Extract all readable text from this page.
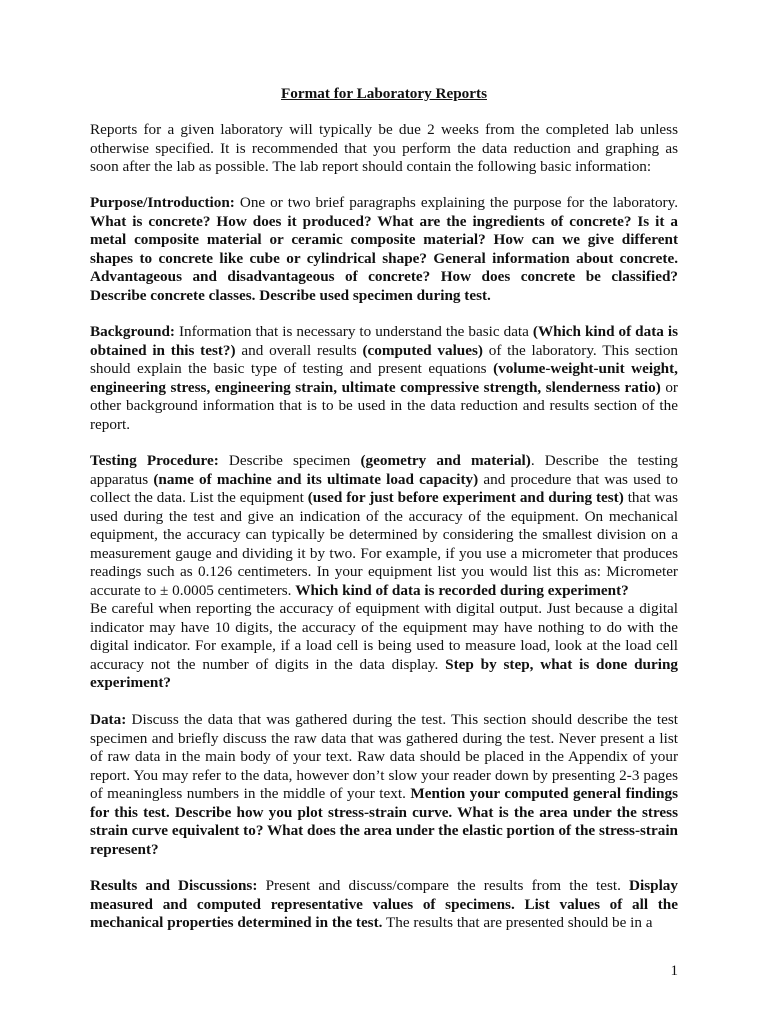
Format for Laboratory Reports

Reports for a given laboratory will typically be due 2 weeks from the completed lab unless otherwise specified. It is recommended that you perform the data reduction and graphing as soon after the lab as possible. The lab report should contain the following basic information:

Purpose/Introduction: One or two brief paragraphs explaining the purpose for the laboratory. What is concrete? How does it produced? What are the ingredients of concrete? Is it a metal composite material or ceramic composite material? How can we give different shapes to concrete like cube or cylindrical shape? General information about concrete. Advantageous and disadvantageous of concrete? How does concrete be classified? Describe concrete classes. Describe used specimen during test.

Background: Information that is necessary to understand the basic data (Which kind of data is obtained in this test?) and overall results (computed values) of the laboratory. This section should explain the basic type of testing and present equations (volume-weight-unit weight, engineering stress, engineering strain, ultimate compressive strength, slenderness ratio) or other background information that is to be used in the data reduction and results section of the report.

Testing Procedure: Describe specimen (geometry and material). Describe the testing apparatus (name of machine and its ultimate load capacity) and procedure that was used to collect the data. List the equipment (used for just before experiment and during test) that was used during the test and give an indication of the accuracy of the equipment. On mechanical equipment, the accuracy can typically be determined by considering the smallest division on a measurement gauge and dividing it by two. For example, if you use a micrometer that produces readings such as 0.126 centimeters. In your equipment list you would list this as: Micrometer accurate to ± 0.0005 centimeters. Which kind of data is recorded during experiment?

Be careful when reporting the accuracy of equipment with digital output. Just because a digital indicator may have 10 digits, the accuracy of the equipment may have nothing to do with the digital indicator. For example, if a load cell is being used to measure load, look at the load cell accuracy not the number of digits in the data display. Step by step, what is done during experiment?

Data: Discuss the data that was gathered during the test. This section should describe the test specimen and briefly discuss the raw data that was gathered during the test. Never present a list of raw data in the main body of your text. Raw data should be placed in the Appendix of your report. You may refer to the data, however don’t slow your reader down by presenting 2-3 pages of meaningless numbers in the middle of your text. Mention your computed general findings for this test. Describe how you plot stress-strain curve. What is the area under the stress strain curve equivalent to? What does the area under the elastic portion of the stress-strain represent?

Results and Discussions: Present and discuss/compare the results from the test. Display measured and computed representative values of specimens. List values of all the mechanical properties determined in the test. The results that are presented should be in a

1
